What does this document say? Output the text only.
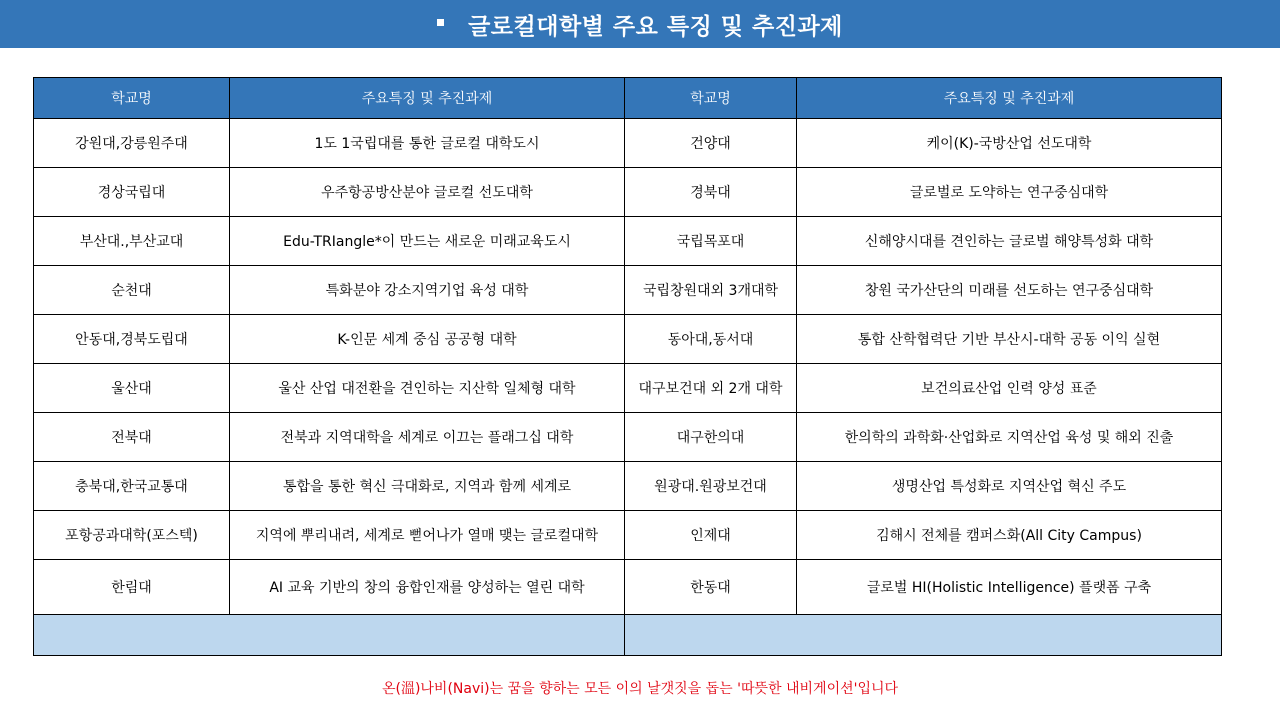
글로컬대학별 주요 특징 및 추진과제
학교명	주요특징 및 추진과제	학교명	주요특징 및 추진과제
강원대,강릉원주대	1도 1국립대를 통한 글로컬 대학도시	건양대	케이(K)-국방산업 선도대학
경상국립대	우주항공방산분야 글로컬 선도대학	경북대	글로벌로 도약하는 연구중심대학
부산대.,부산교대	Edu-TRIangle*이 만드는 새로운 미래교육도시	국립목포대	신해양시대를 견인하는 글로벌 해양특성화 대학
순천대	특화분야 강소지역기업 육성 대학	국립창원대외 3개대학	창원 국가산단의 미래를 선도하는 연구중심대학
안동대,경북도립대	K-인문 세계 중심 공공형 대학	동아대,동서대	통합 산학협력단 기반 부산시-대학 공동 이익 실현
울산대	울산 산업 대전환을 견인하는 지산학 일체형 대학	대구보건대 외 2개 대학	보건의료산업 인력 양성 표준
전북대	전북과 지역대학을 세계로 이끄는 플래그십 대학	대구한의대	한의학의 과학화·산업화로 지역산업 육성 및 해외 진출
충북대,한국교통대	통합을 통한 혁신 극대화로, 지역과 함께 세계로	원광대.원광보건대	생명산업 특성화로 지역산업 혁신 주도
포항공과대학(포스텍)	지역에 뿌리내려, 세계로 뻗어나가 열매 맺는 글로컬대학	인제대	김해시 전체를 캠퍼스화(All City Campus)
한림대	AI 교육 기반의 창의 융합인재를 양성하는 열린 대학	한동대	글로벌 HI(Holistic Intelligence) 플랫폼 구축

온(溫)나비(Navi)는 꿈을 향하는 모든 이의 날갯짓을 돕는 '따뜻한 내비게이션'입니다
